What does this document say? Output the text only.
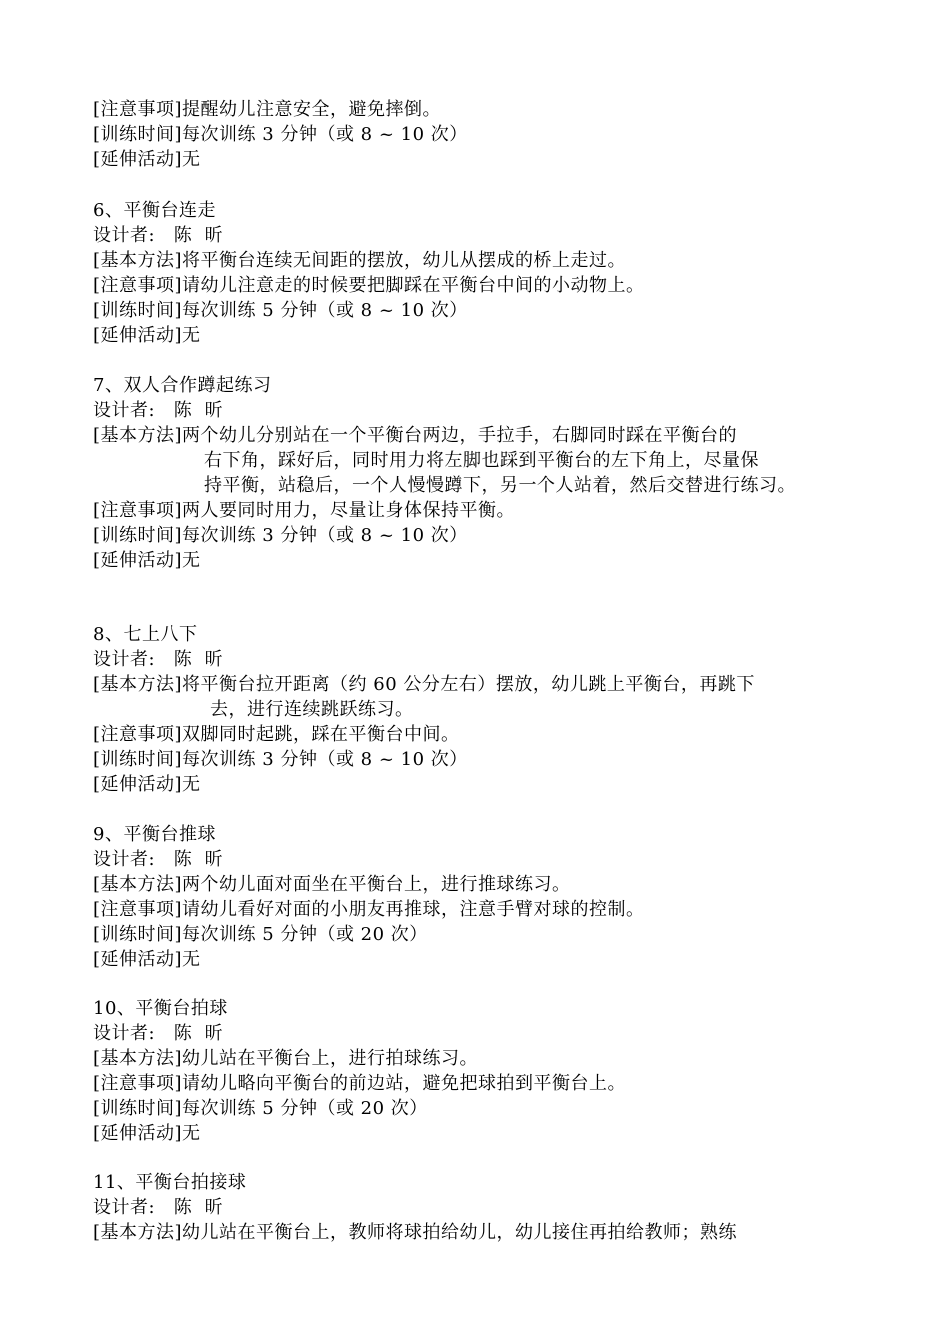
[注意事项]提醒幼儿注意安全，避免摔倒。
[训练时间]每次训练 3 分钟（或 8 ~ 10 次）
[延伸活动]无
6、平衡台连走
设计者:   陈  昕
[基本方法]将平衡台连续无间距的摆放，幼儿从摆成的桥上走过。
[注意事项]请幼儿注意走的时候要把脚踩在平衡台中间的小动物上。
[训练时间]每次训练 5 分钟（或 8 ~ 10 次）
[延伸活动]无
7、双人合作蹲起练习
设计者:   陈  昕
[基本方法]两个幼儿分别站在一个平衡台两边，手拉手，右脚同时踩在平衡台的
右下角，踩好后，同时用力将左脚也踩到平衡台的左下角上，尽量保
持平衡，站稳后，一个人慢慢蹲下，另一个人站着，然后交替进行练习。
[注意事项]两人要同时用力，尽量让身体保持平衡。
[训练时间]每次训练 3 分钟（或 8 ~ 10 次）
[延伸活动]无
8、七上八下
设计者:   陈  昕
[基本方法]将平衡台拉开距离（约 60 公分左右）摆放，幼儿跳上平衡台，再跳下
去，进行连续跳跃练习。
[注意事项]双脚同时起跳，踩在平衡台中间。
[训练时间]每次训练 3 分钟（或 8 ~ 10 次）
[延伸活动]无
9、平衡台推球
设计者:   陈  昕
[基本方法]两个幼儿面对面坐在平衡台上，进行推球练习。
[注意事项]请幼儿看好对面的小朋友再推球，注意手臂对球的控制。
[训练时间]每次训练 5 分钟（或 20 次）
[延伸活动]无
10、平衡台拍球
设计者:   陈  昕
[基本方法]幼儿站在平衡台上，进行拍球练习。
[注意事项]请幼儿略向平衡台的前边站，避免把球拍到平衡台上。
[训练时间]每次训练 5 分钟（或 20 次）
[延伸活动]无
11、平衡台拍接球
设计者:   陈  昕
[基本方法]幼儿站在平衡台上，教师将球拍给幼儿，幼儿接住再拍给教师；熟练
